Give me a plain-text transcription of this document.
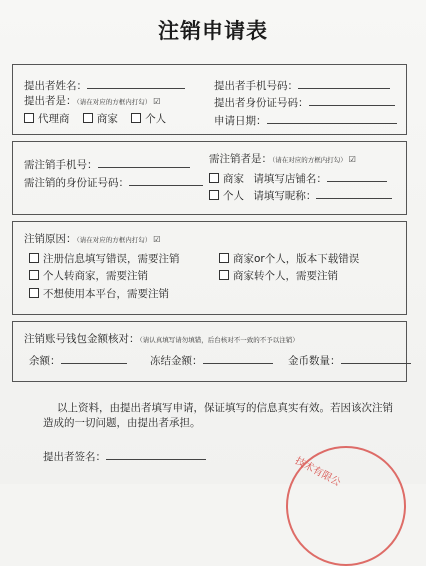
注销申请表
提出者姓名：	提出者手机号码：
提出者是：（请在对应的方框内打勾） ☑	提出者身份证号码：
代理商	商家	个人	申请日期：
需注销手机号：
需注销的身份证号码：
需注销者是：（请在对应的方框内打勾） ☑
商家 请填写店铺名：
个人 请填写昵称：
注销原因：（请在对应的方框内打勾） ☑
注册信息填写错误，需要注销	商家or个人，版本下载错误
个人转商家，需要注销	商家转个人，需要注销
不想使用本平台，需要注销
注销账号钱包金额核对：（请认真填写请勿填错，后台核对不一致的不予以注销）
余额：	冻结金额：	金币数量：
以上资料，由提出者填写申请，保证填写的信息真实有效。若因该次注销
造成的一切问题，由提出者承担。
提出者签名：	技术有限公
